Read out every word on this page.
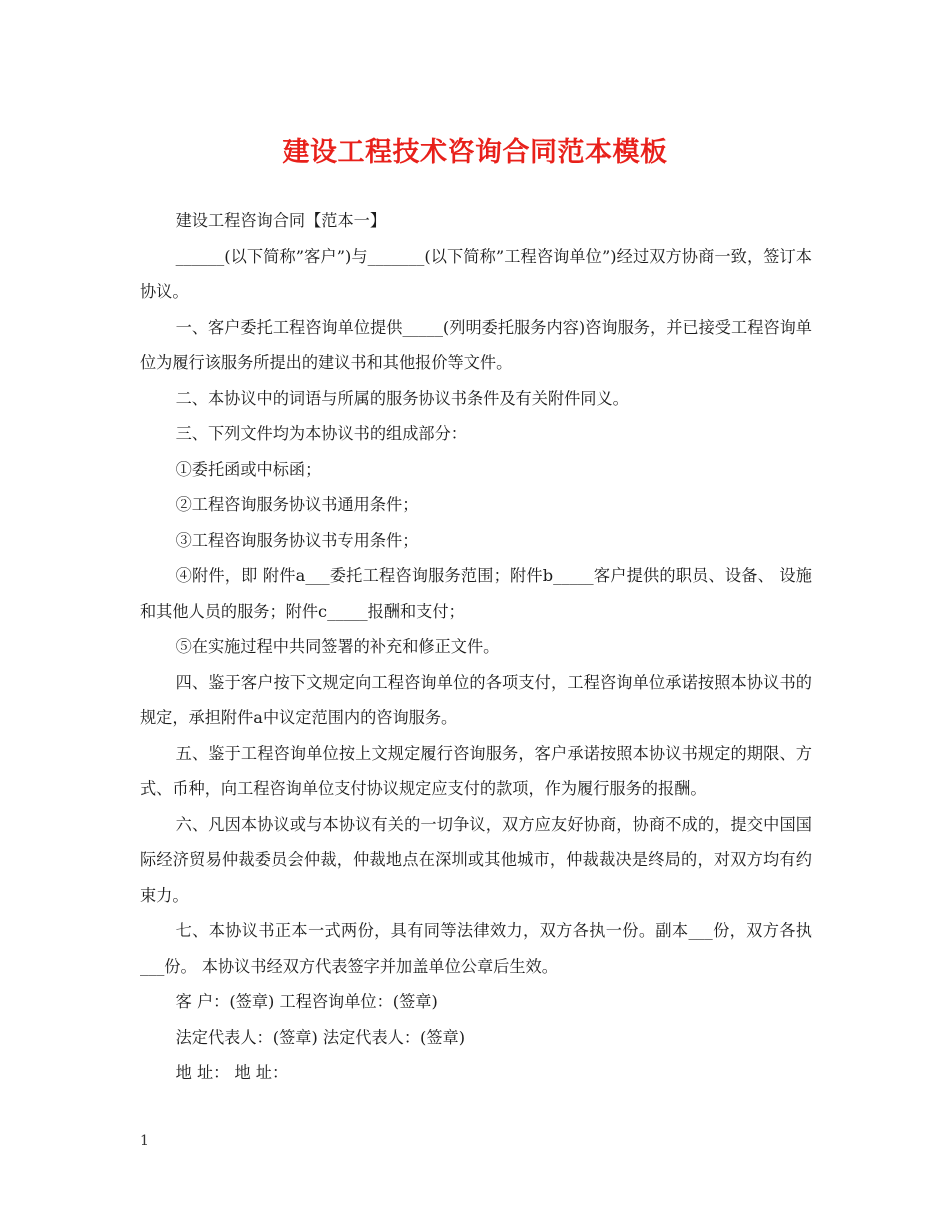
建设工程技术咨询合同范本模板

建设工程咨询合同【范本一】

______(以下简称”客户”)与_______(以下简称”工程咨询单位”)经过双方协商一致，签订本协议。

一、客户委托工程咨询单位提供_____(列明委托服务内容)咨询服务，并已接受工程咨询单位为履行该服务所提出的建议书和其他报价等文件。

二、本协议中的词语与所属的服务协议书条件及有关附件同义。

三、下列文件均为本协议书的组成部分：

①委托函或中标函；

②工程咨询服务协议书通用条件；

③工程咨询服务协议书专用条件；

④附件，即 附件a___委托工程咨询服务范围；附件b_____客户提供的职员、设备、 设施和其他人员的服务；附件c_____报酬和支付；

⑤在实施过程中共同签署的补充和修正文件。

四、鉴于客户按下文规定向工程咨询单位的各项支付，工程咨询单位承诺按照本协议书的规定，承担附件a中议定范围内的咨询服务。

五、鉴于工程咨询单位按上文规定履行咨询服务，客户承诺按照本协议书规定的期限、方式、币种，向工程咨询单位支付协议规定应支付的款项，作为履行服务的报酬。

六、凡因本协议或与本协议有关的一切争议，双方应友好协商，协商不成的，提交中国国际经济贸易仲裁委员会仲裁，仲裁地点在深圳或其他城市，仲裁裁决是终局的，对双方均有约束力。

七、本协议书正本一式两份，具有同等法律效力，双方各执一份。副本___份，双方各执___份。 本协议书经双方代表签字并加盖单位公章后生效。

客 户：(签章) 工程咨询单位：(签章)

法定代表人：(签章) 法定代表人：(签章)

地 址： 地 址：

1
